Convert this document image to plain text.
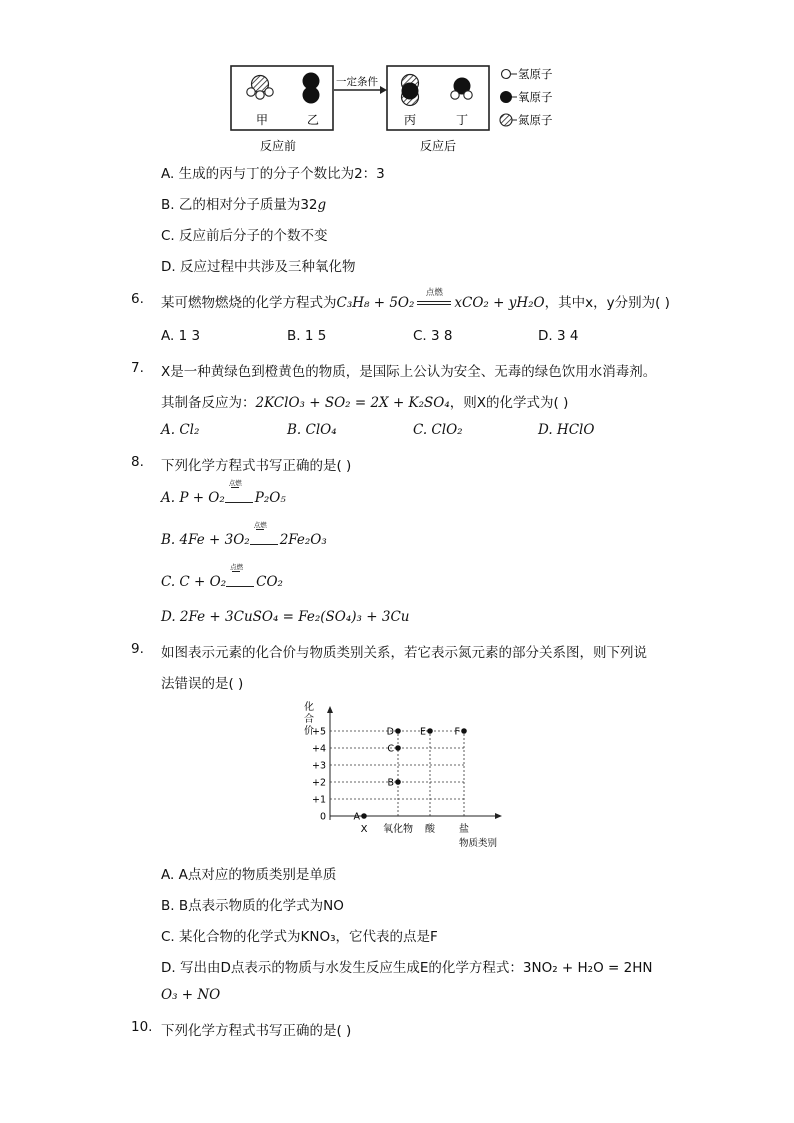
甲	乙
反应前
一定条件
丙	丁
反应后
氢原子
氧原子
氮原子
A. 生成的丙与丁的分子个数比为2：3
B. 乙的相对分子质量为32g
C. 反应前后分子的个数不变
D. 反应过程中共涉及三种氧化物
6. 某可燃物燃烧的化学方程式为C₃H₈ + 5O₂
点燃
xCO₂ + yH₂O，其中x，y分别为( )
A. 1 3	B. 1 5	C. 3 8	D. 3 4
7. X是一种黄绿色到橙黄色的物质，是国际上公认为安全、无毒的绿色饮用水消毒剂。
其制备反应为：2KClO₃ + SO₂ = 2X + K₂SO₄，则X的化学式为( )
A. Cl₂	B. ClO₄	C. ClO₂	D. HClO
8. 下列化学方程式书写正确的是( )
A. P + O₂
点燃
P₂O₅
B. 4Fe + 3O₂
点燃
2Fe₂O₃
C. C + O₂
点燃
CO₂
D. 2Fe + 3CuSO₄ = Fe₂(SO₄)₃ + 3Cu
9. 如图表示元素的化合价与物质类别关系，若它表示氮元素的部分关系图，则下列说
法错误的是( )
化
合
价
0
+1
+2
+3
+4
+5
X 氧化物 酸 盐
物质类别
A
B
C
D	E	F
A. A点对应的物质类别是单质
B. B点表示物质的化学式为NO
C. 某化合物的化学式为KNO₃，它代表的点是F
D. 写出由D点表示的物质与水发生反应生成E的化学方程式：3NO₂ + H₂O = 2HN
O₃ + NO
10. 下列化学方程式书写正确的是( )
